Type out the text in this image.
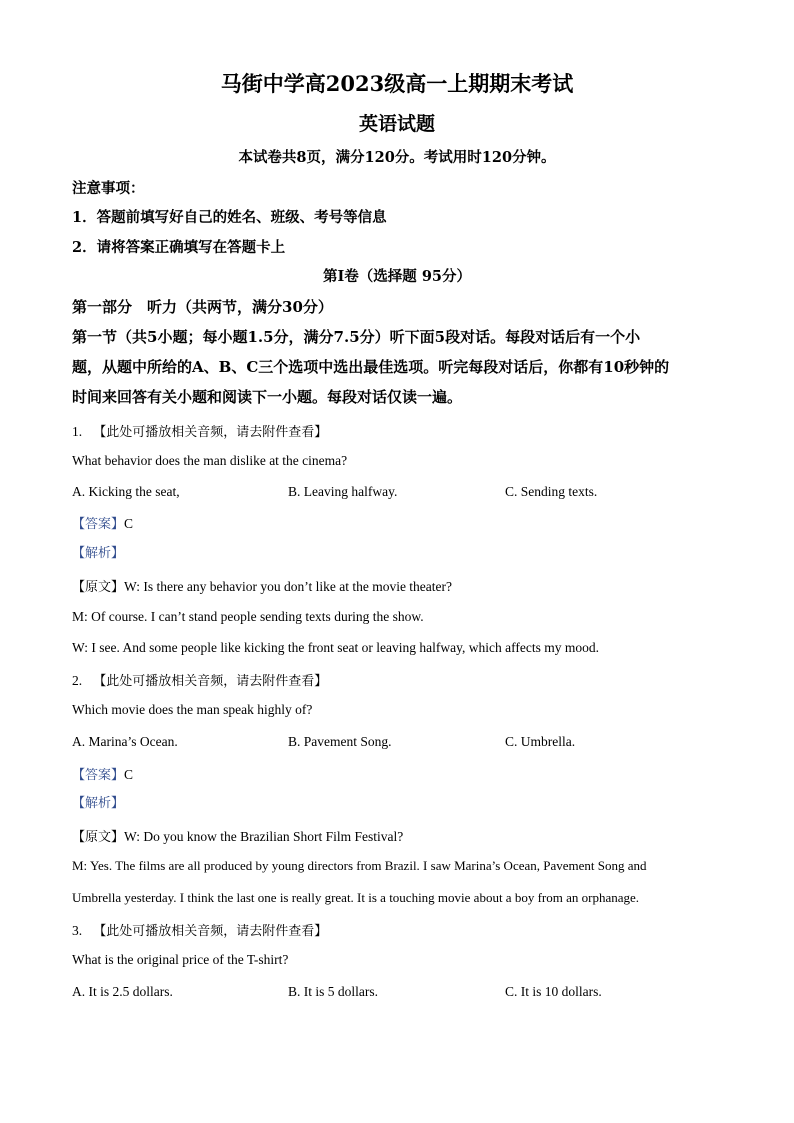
马街中学高2023级高一上期期末考试
英语试题
本试卷共8页，满分120分。考试用时120分钟。
注意事项：
1．答题前填写好自己的姓名、班级、考号等信息
2．请将答案正确填写在答题卡上
第I卷（选择题 95分）
第一部分　听力（共两节，满分30分）
第一节（共5小题；每小题1.5分，满分7.5分）听下面5段对话。每段对话后有一个小
题，从题中所给的A、B、C三个选项中选出最佳选项。听完每段对话后，你都有10秒钟的
时间来回答有关小题和阅读下一小题。每段对话仅读一遍。
1. 【此处可播放相关音频，请去附件查看】
What behavior does the man dislike at the cinema?
A. Kicking the seat,	B. Leaving halfway.	C. Sending texts.
【答案】C
【解析】
【原文】W: Is there any behavior you don’t like at the movie theater?
M: Of course. I can’t stand people sending texts during the show.
W: I see. And some people like kicking the front seat or leaving halfway, which affects my mood.
2. 【此处可播放相关音频，请去附件查看】
Which movie does the man speak highly of?
A. Marina’s Ocean.	B. Pavement Song.	C. Umbrella.
【答案】C
【解析】
【原文】W: Do you know the Brazilian Short Film Festival?
M: Yes. The films are all produced by young directors from Brazil. I saw Marina’s Ocean, Pavement Song and
Umbrella yesterday. I think the last one is really great. It is a touching movie about a boy from an orphanage.
3. 【此处可播放相关音频，请去附件查看】
What is the original price of the T-shirt?
A. It is 2.5 dollars.	B. It is 5 dollars.	C. It is 10 dollars.
